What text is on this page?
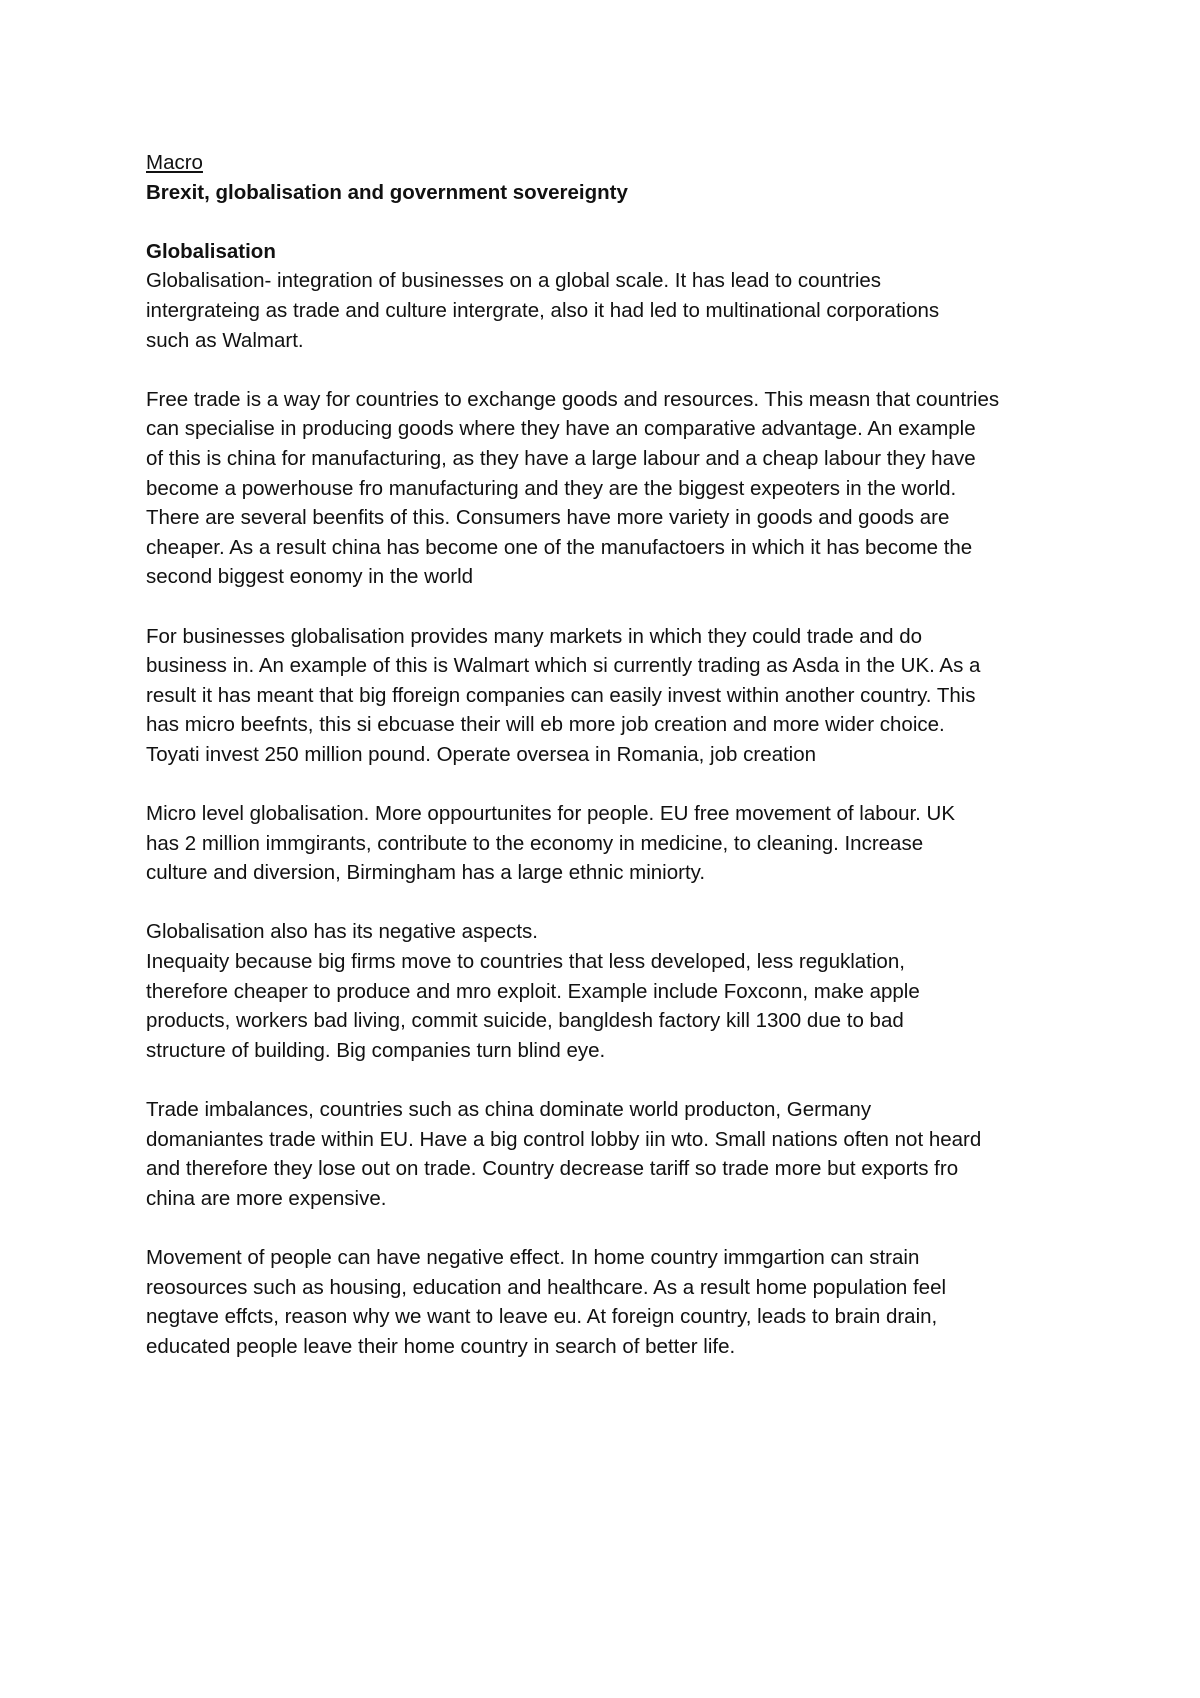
Macro
Brexit, globalisation and government sovereignty
Globalisation
Globalisation- integration of businesses on a global scale. It has lead to countries
intergrateing as trade and culture intergrate, also it had led to multinational corporations
such as Walmart.
Free trade is a way for countries to exchange goods and resources. This measn that countries
can specialise in producing goods where they have an comparative advantage. An example
of this is china for manufacturing, as they have a large labour and a cheap labour they have
become a powerhouse fro manufacturing and they are the biggest expeoters in the world.
There are several beenfits of this. Consumers have more variety in goods and goods are
cheaper. As a result china has become one of the manufactoers in which it has become the
second biggest eonomy in the world
For businesses globalisation provides many markets in which they could trade and do
business in. An example of this is Walmart which si currently trading as Asda in the UK. As a
result it has meant that big fforeign companies can easily invest within another country. This
has micro beefnts, this si ebcuase their will eb more job creation and more wider choice.
Toyati invest 250 million pound. Operate oversea in Romania, job creation
Micro level globalisation. More oppourtunites for people. EU free movement of labour. UK
has 2 million immgirants, contribute to the economy in medicine, to cleaning. Increase
culture and diversion, Birmingham has a large ethnic miniorty.
Globalisation also has its negative aspects.
Inequaity because big firms move to countries that less developed, less reguklation,
therefore cheaper to produce and mro exploit. Example include Foxconn, make apple
products, workers bad living, commit suicide, bangldesh factory kill 1300 due to bad
structure of building. Big companies turn blind eye.
Trade imbalances, countries such as china dominate world producton, Germany
domaniantes trade within EU. Have a big control lobby iin wto. Small nations often not heard
and therefore they lose out on trade. Country decrease tariff so trade more but exports fro
china are more expensive.
Movement of people can have negative effect. In home country immgartion can strain
reosources such as housing, education and healthcare. As a result home population feel
negtave effcts, reason why we want to leave eu. At foreign country, leads to brain drain,
educated people leave their home country in search of better life.
